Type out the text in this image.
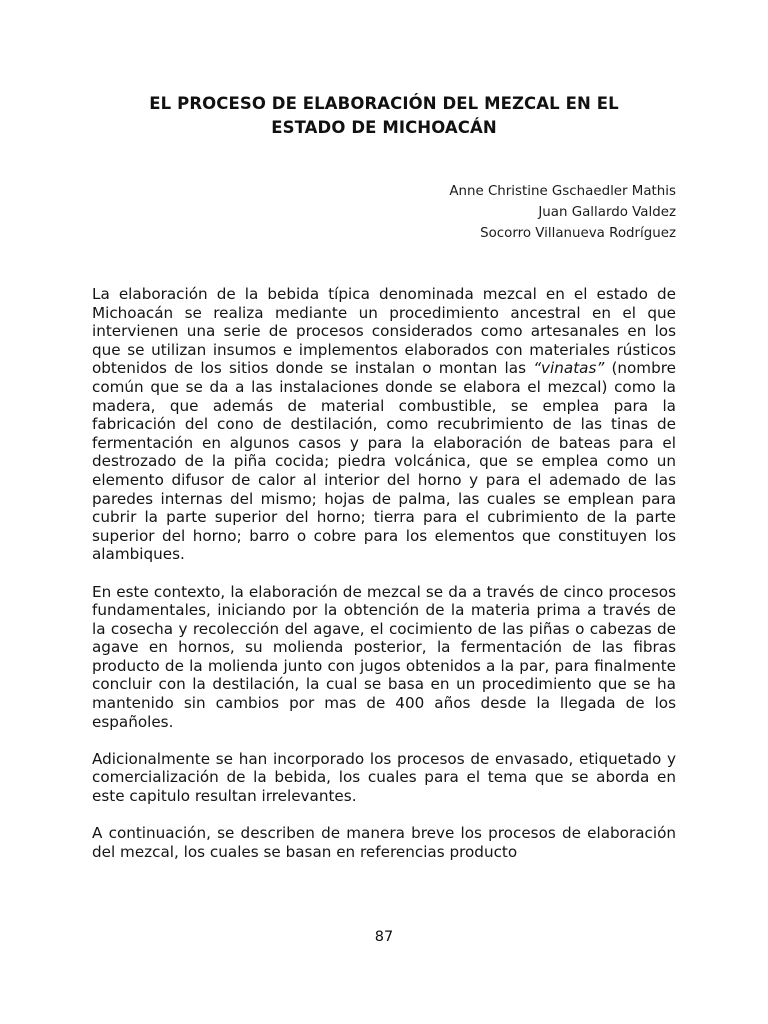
EL PROCESO DE ELABORACIÓN DEL MEZCAL EN EL
ESTADO DE MICHOACÁN
Anne Christine Gschaedler Mathis
Juan Gallardo Valdez
Socorro Villanueva Rodríguez

La elaboración de la bebida típica denominada mezcal en el estado de Michoacán se realiza mediante un procedimiento ancestral en el que intervienen una serie de procesos considerados como artesanales en los que se utilizan insumos e implementos elaborados con materiales rústicos obtenidos de los sitios donde se instalan o montan las “vinatas” (nombre común que se da a las instalaciones donde se elabora el mezcal) como la madera, que además de material combustible, se emplea para la fabricación del cono de destilación, como recubrimiento de las tinas de fermentación en algunos casos y para la elaboración de bateas para el destrozado de la piña cocida; piedra volcánica, que se emplea como un elemento difusor de calor al interior del horno y para el ademado de las paredes internas del mismo; hojas de palma, las cuales se emplean para cubrir la parte superior del horno; tierra para el cubrimiento de la parte superior del horno; barro o cobre para los elementos que constituyen los alambiques.

En este contexto, la elaboración de mezcal se da a través de cinco procesos fundamentales, iniciando por la obtención de la materia prima a través de la cosecha y recolección del agave, el cocimiento de las piñas o cabezas de agave en hornos, su molienda posterior, la fermentación de las fibras producto de la molienda junto con jugos obtenidos a la par, para finalmente concluir con la destilación, la cual se basa en un procedimiento que se ha mantenido sin cambios por mas de 400 años desde la llegada de los españoles.

Adicionalmente se han incorporado los procesos de envasado, etiquetado y comercialización de la bebida, los cuales para el tema que se aborda en este capitulo resultan irrelevantes.

A continuación, se describen de manera breve los procesos de elaboración del mezcal, los cuales se basan en referencias producto

87
